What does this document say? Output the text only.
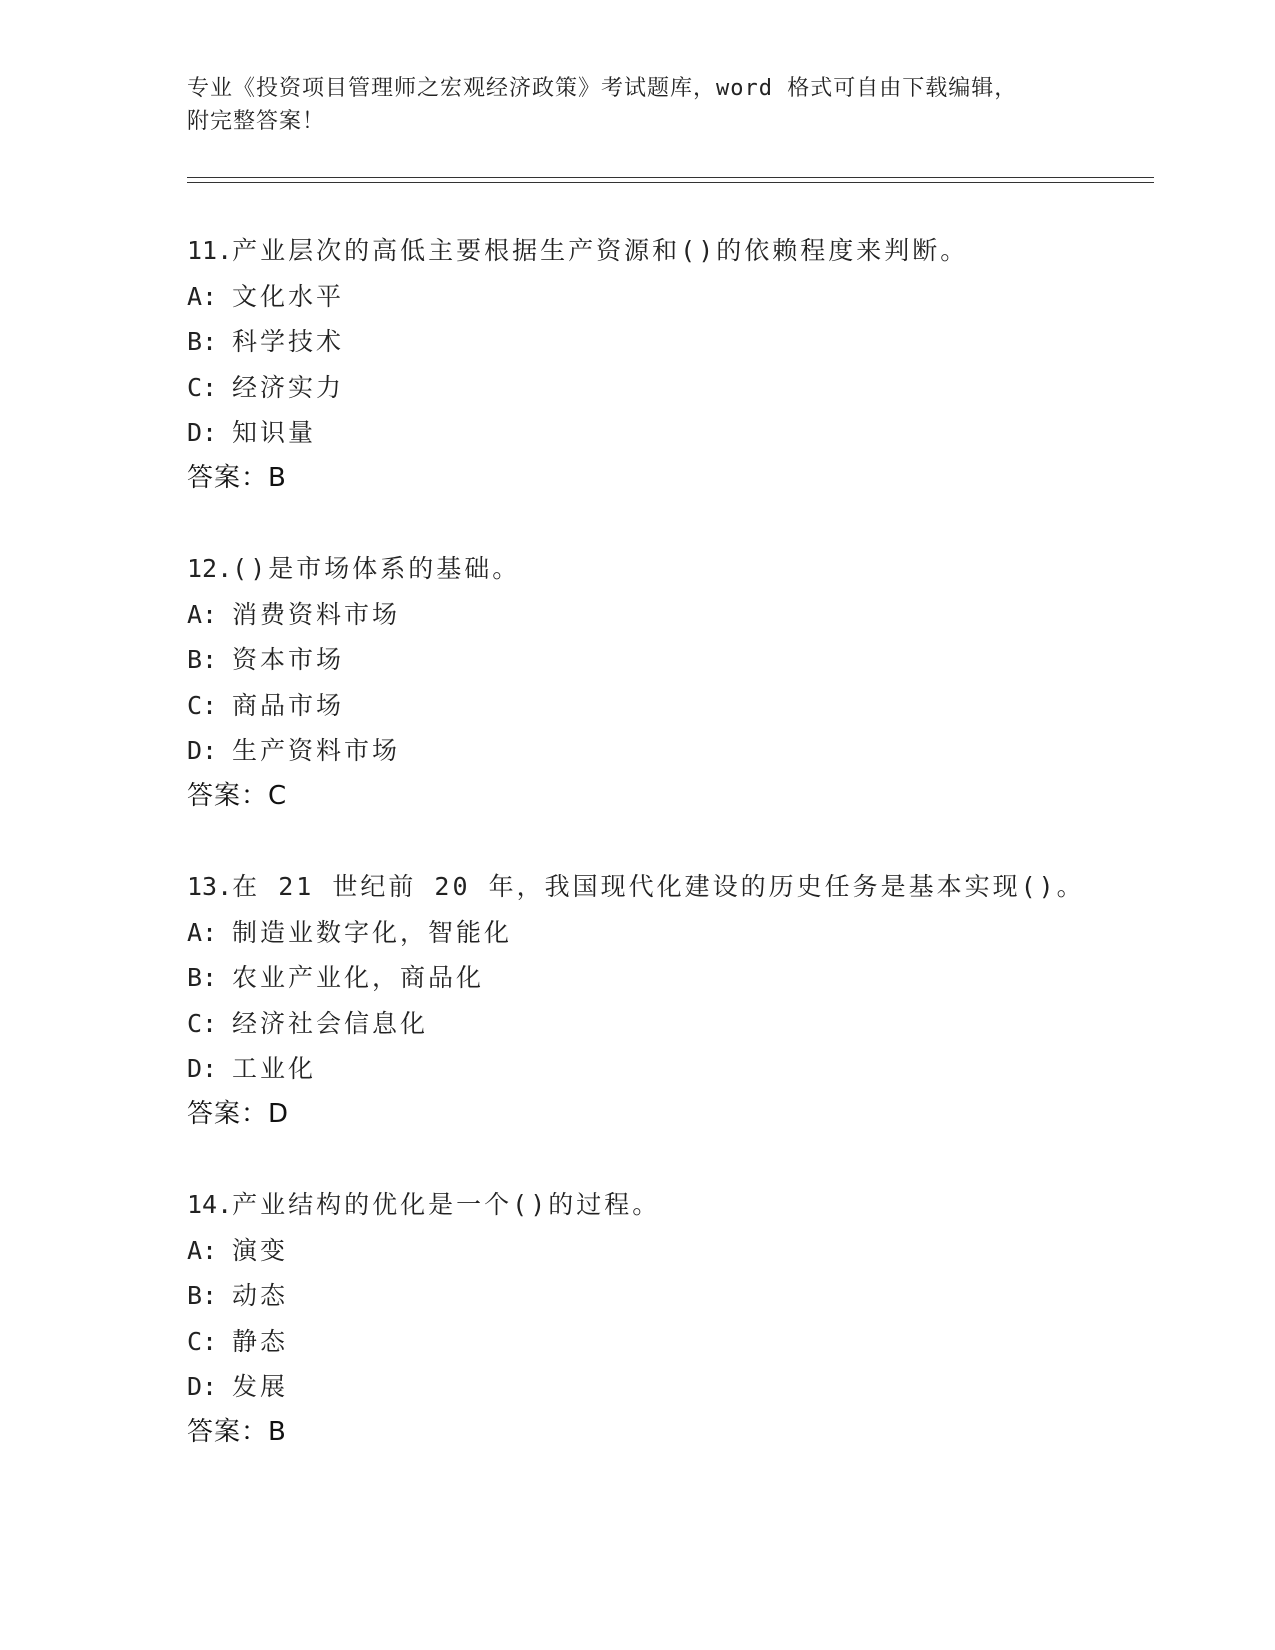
专业《投资项目管理师之宏观经济政策》考试题库，word 格式可自由下载编辑，
附完整答案！
11.产业层次的高低主要根据生产资源和()的依赖程度来判断。
A: 文化水平
B: 科学技术
C: 经济实力
D: 知识量
答案：B
12.()是市场体系的基础。
A: 消费资料市场
B: 资本市场
C: 商品市场
D: 生产资料市场
答案：C
13.在 21 世纪前 20 年，我国现代化建设的历史任务是基本实现()。
A: 制造业数字化，智能化
B: 农业产业化，商品化
C: 经济社会信息化
D: 工业化
答案：D
14.产业结构的优化是一个()的过程。
A: 演变
B: 动态
C: 静态
D: 发展
答案：B
